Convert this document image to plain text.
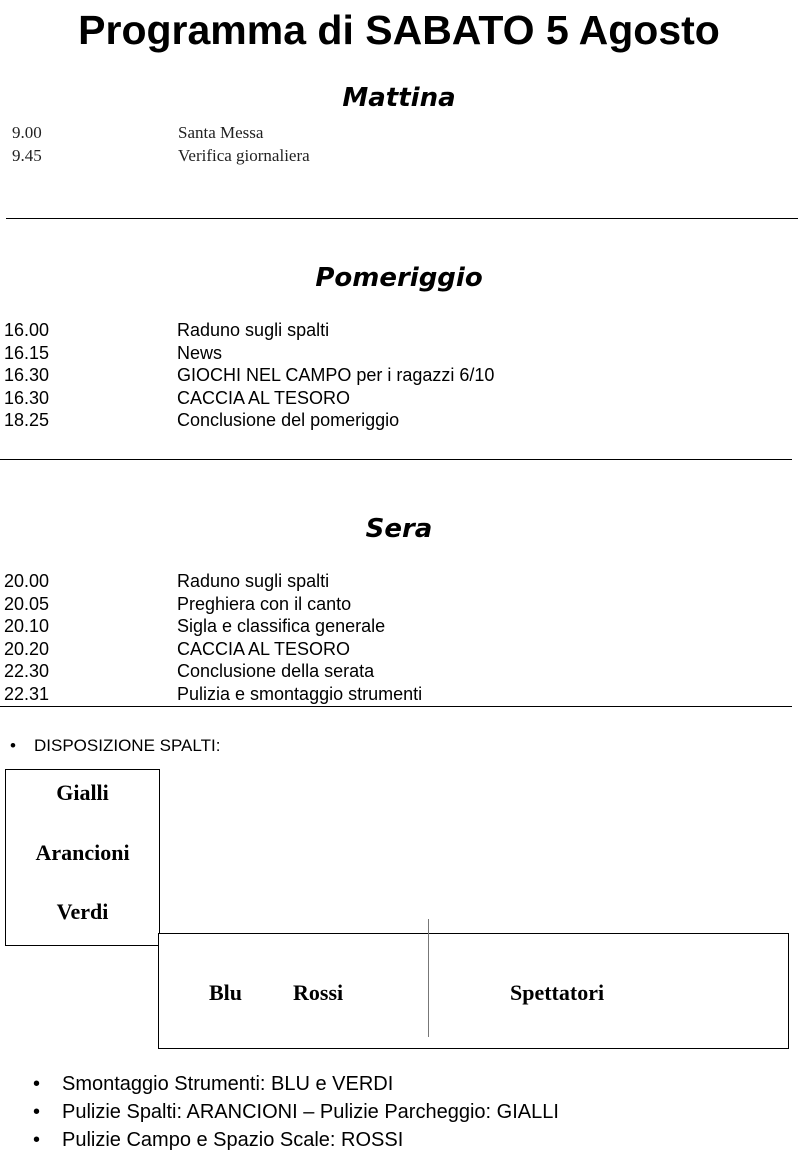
Programma di SABATO 5 Agosto
Mattina
9.00	Santa Messa
9.45	Verifica giornaliera
Pomeriggio
16.00	Raduno sugli spalti
16.15	News
16.30	GIOCHI NEL CAMPO per i ragazzi 6/10
16.30	CACCIA AL TESORO
18.25	Conclusione del pomeriggio
Sera
20.00	Raduno sugli spalti
20.05	Preghiera con il canto
20.10	Sigla e classifica generale
20.20	CACCIA AL TESORO
22.30	Conclusione della serata
22.31	Pulizia e smontaggio strumenti
• DISPOSIZIONE SPALTI:
Gialli
Arancioni
Verdi
Blu Rossi	Spettatori
• Smontaggio Strumenti: BLU e VERDI
• Pulizie Spalti: ARANCIONI – Pulizie Parcheggio: GIALLI
• Pulizie Campo e Spazio Scale: ROSSI
